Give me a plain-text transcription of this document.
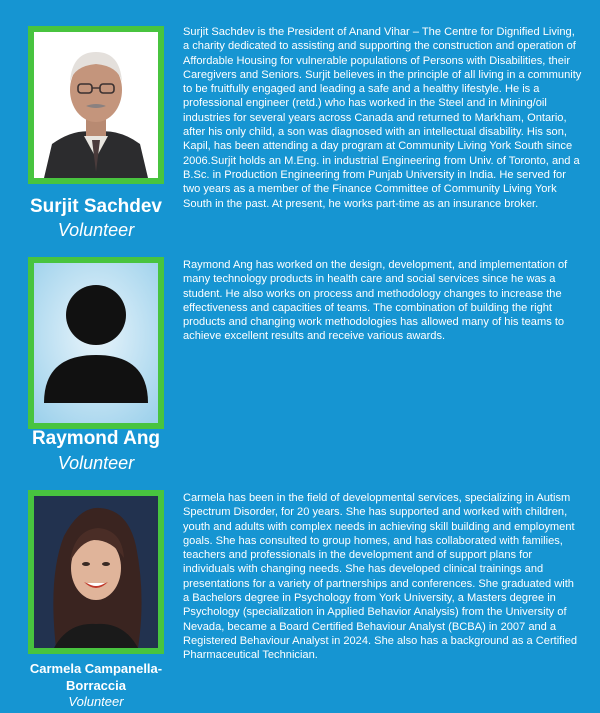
Surjit Sachdev
Volunteer

Surjit Sachdev is the President of Anand Vihar – The Centre for Dignified Living, a charity dedicated to assisting and supporting the construction and operation of Affordable Housing for vulnerable populations of Persons with Disabilities, their Caregivers and Seniors. Surjit believes in the principle of all living in a community to be fruitfully engaged and leading a safe and a healthy lifestyle. He is a professional engineer (retd.) who has worked in the Steel and in Mining/oil industries for several years across Canada and returned to Markham, Ontario, after his only child, a son was diagnosed with an intellectual disability. His son, Kapil, has been attending a day program at Community Living York South since 2006.Surjit holds an M.Eng. in industrial Engineering from Univ. of Toronto, and a B.Sc. in Production Engineering from Punjab University in India. He served for two years as a member of the Finance Committee of Community Living York South in the past. At present, he works part-time as an insurance broker.

Raymond Ang
Volunteer

Raymond Ang has worked on the design, development, and implementation of many technology products in health care and social services since he was a student. He also works on process and methodology changes to increase the effectiveness and capacities of teams. The combination of building the right products and changing work methodologies has allowed many of his teams to achieve excellent results and receive various awards.

Carmela Campanella-Borraccia
Volunteer

Carmela has been in the field of developmental services, specializing in Autism Spectrum Disorder, for 20 years. She has supported and worked with children, youth and adults with complex needs in achieving skill building and employment goals. She has consulted to group homes, and has collaborated with families, teachers and professionals in the development and of support plans for individuals with changing needs. She has developed clinical trainings and presentations for a variety of partnerships and conferences. She graduated with a Bachelors degree in Psychology from York University, a Masters degree in Psychology (specialization in Applied Behavior Analysis) from the University of Nevada, became a Board Certified Behaviour Analyst (BCBA) in 2007 and a Registered Behaviour Analyst in 2024. She also has a background as a Certified Pharmaceutical Technician.
